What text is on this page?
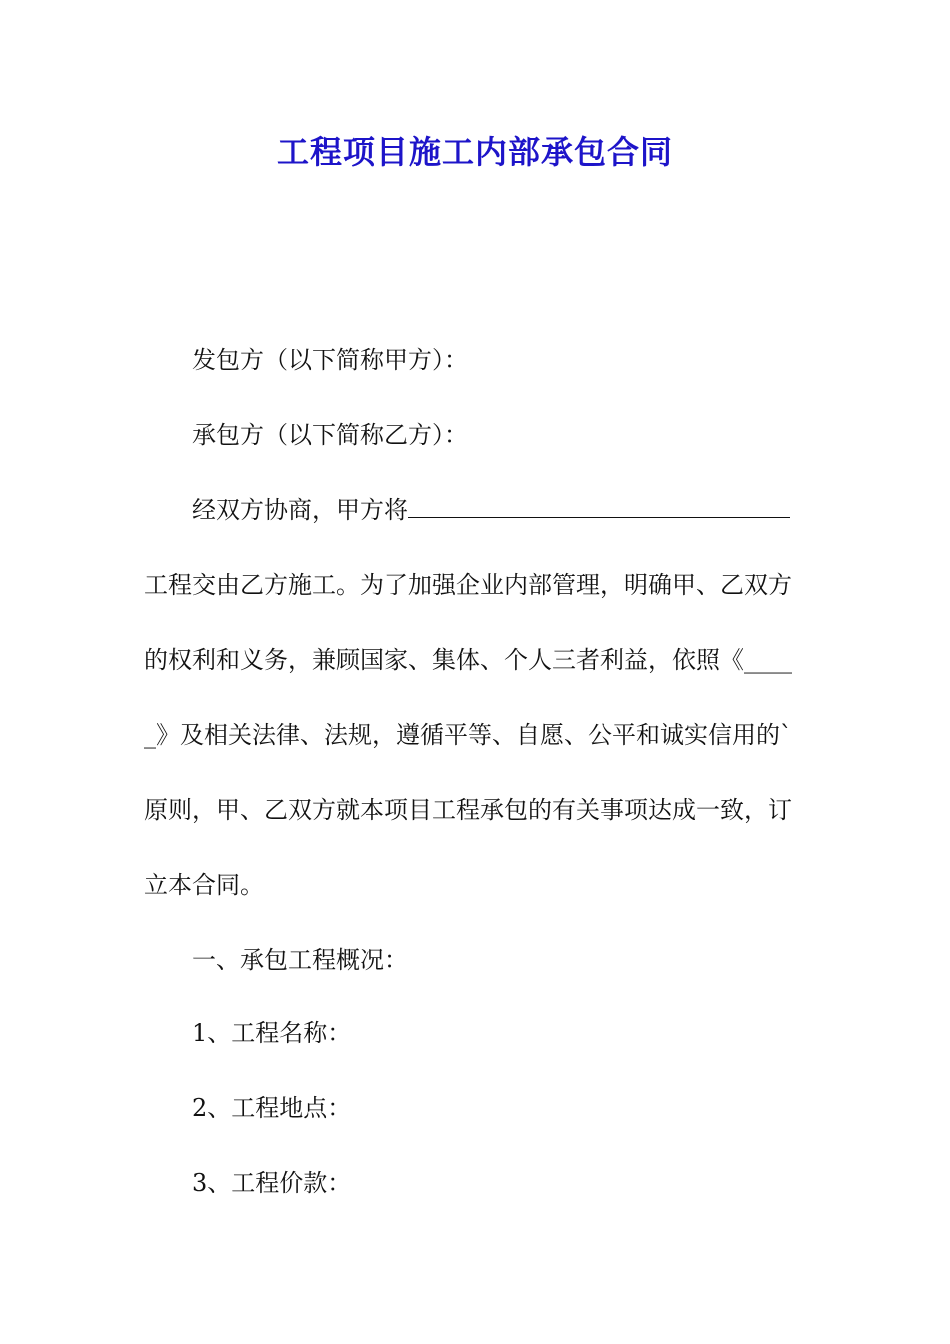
工程项目施工内部承包合同
发包方（以下简称甲方）：
承包方（以下简称乙方）：
经双方协商，甲方将
工程交由乙方施工。为了加强企业内部管理，明确甲、乙双方
的权利和义务，兼顾国家、集体、个人三者利益，依照《____
_》及相关法律、法规，遵循平等、自愿、公平和诚实信用的`
原则，甲、乙双方就本项目工程承包的有关事项达成一致，订
立本合同。
一、承包工程概况：
1、工程名称：
2、工程地点：
3、工程价款：
